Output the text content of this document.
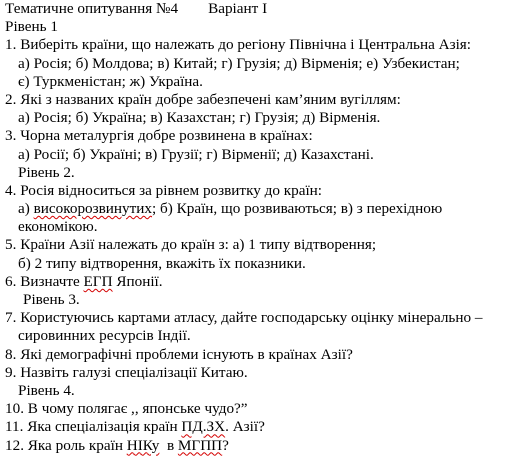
Тематичне опитування №4 Варіант І
Рівень 1
1. Виберіть країни, що належать до регіону Північна і Центральна Азія:
а) Росія; б) Молдова; в) Китай; г) Грузія; д) Вірменія; е) Узбекистан;
є) Туркменістан; ж) Україна.
2. Які з названих країн добре забезпечені кам’яним вугіллям:
а) Росія; б) Україна; в) Казахстан; г) Грузія; д) Вірменія.
3. Чорна металургія добре розвинена в країнах:
а) Росії; б) Україні; в) Грузії; г) Вірменії; д) Казахстані.
Рівень 2.
4. Росія відноситься за рівнем розвитку до країн:
а) високорозвинутих; б) Країн, що розвиваються; в) з перехідною
економікою.
5. Країни Азії належать до країн з: а) 1 типу відтворення;
б) 2 типу відтворення, вкажіть їх показники.
6. Визначте ЕГП Японії.
Рівень 3.
7. Користуючись картами атласу, дайте господарську оцінку мінерально –
сировинних ресурсів Індії.
8. Які демографічні проблеми існують в країнах Азії?
9. Назвіть галузі спеціалізації Китаю.
Рівень 4.
10. В чому полягає ,, японське чудо?”
11. Яка спеціалізація країн ПД.ЗХ. Азії?
12. Яка роль країн НІКу  в МГПП?
